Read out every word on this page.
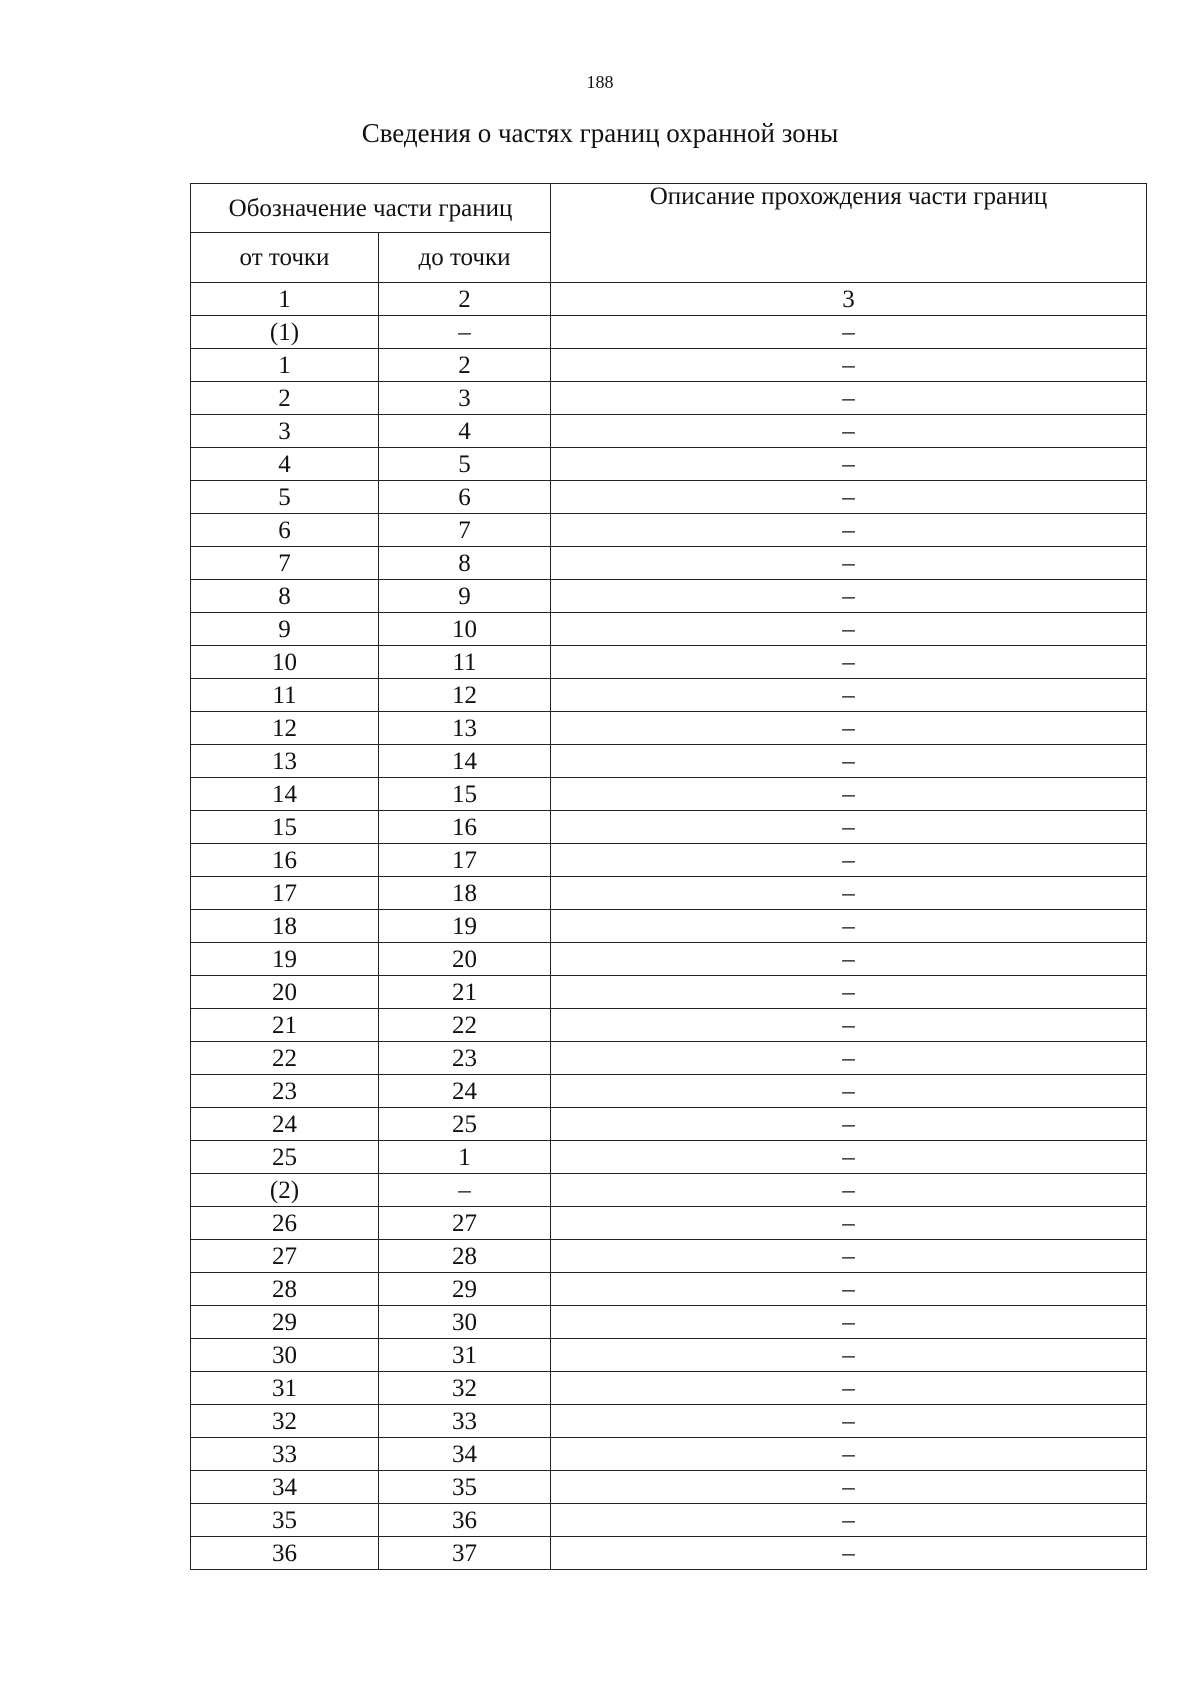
188
Сведения о частях границ охранной зоны
Обозначение части границ		Описание прохождения части границ
от точки	до точки	
1	2	3
(1)	–	–
1	2	–
2	3	–
3	4	–
4	5	–
5	6	–
6	7	–
7	8	–
8	9	–
9	10	–
10	11	–
11	12	–
12	13	–
13	14	–
14	15	–
15	16	–
16	17	–
17	18	–
18	19	–
19	20	–
20	21	–
21	22	–
22	23	–
23	24	–
24	25	–
25	1	–
(2)	–	–
26	27	–
27	28	–
28	29	–
29	30	–
30	31	–
31	32	–
32	33	–
33	34	–
34	35	–
35	36	–
36	37	–
